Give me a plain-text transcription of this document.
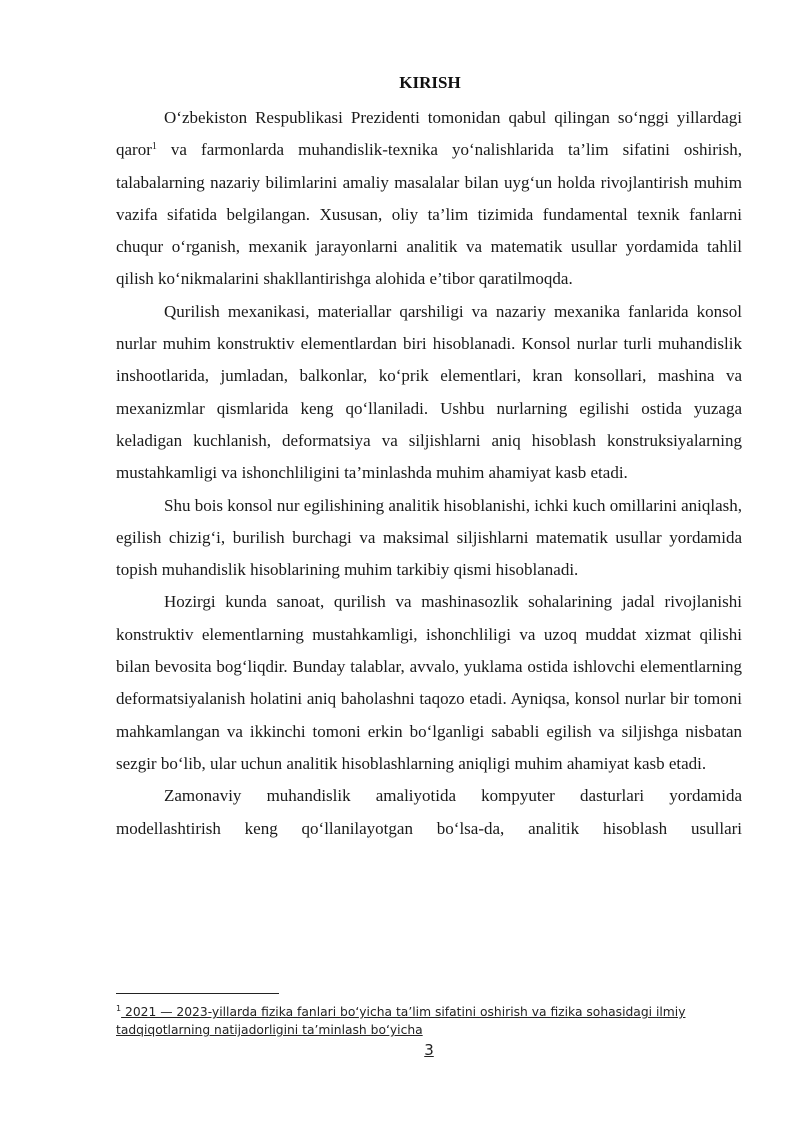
KIRISH

O‘zbekiston Respublikasi Prezidenti tomonidan qabul qilingan so‘nggi yillardagi qaror$^1$ va farmonlarda muhandislik-texnika yo‘nalishlarida ta’lim sifatini oshirish, talabalarning nazariy bilimlarini amaliy masalalar bilan uyg‘un holda rivojlantirish muhim vazifa sifatida belgilangan. Xususan, oliy ta’lim tizimida fundamental texnik fanlarni chuqur o‘rganish, mexanik jarayonlarni analitik va matematik usullar yordamida tahlil qilish ko‘nikmalarini shakllantirishga alohida e’tibor qaratilmoqda.

Qurilish mexanikasi, materiallar qarshiligi va nazariy mexanika fanlarida konsol nurlar muhim konstruktiv elementlardan biri hisoblanadi. Konsol nurlar turli muhandislik inshootlarida, jumladan, balkonlar, ko‘prik elementlari, kran konsollari, mashina va mexanizmlar qismlarida keng qo‘llaniladi. Ushbu nurlarning egilishi ostida yuzaga keladigan kuchlanish, deformatsiya va siljishlarni aniq hisoblash konstruksiyalarning mustahkamligi va ishonchliligini ta’minlashda muhim ahamiyat kasb etadi.

Shu bois konsol nur egilishining analitik hisoblanishi, ichki kuch omillarini aniqlash, egilish chizig‘i, burilish burchagi va maksimal siljishlarni matematik usullar yordamida topish muhandislik hisoblarining muhim tarkibiy qismi hisoblanadi.

Hozirgi kunda sanoat, qurilish va mashinasozlik sohalarining jadal rivojlanishi konstruktiv elementlarning mustahkamligi, ishonchliligi va uzoq muddat xizmat qilishi bilan bevosita bog‘liqdir. Bunday talablar, avvalo, yuklama ostida ishlovchi elementlarning deformatsiyalanish holatini aniq baholashni taqozo etadi. Ayniqsa, konsol nurlar bir tomoni mahkamlangan va ikkinchi tomoni erkin bo‘lganligi sababli egilish va siljishga nisbatan sezgir bo‘lib, ular uchun analitik hisoblashlarning aniqligi muhim ahamiyat kasb etadi.

Zamonaviy muhandislik amaliyotida kompyuter dasturlari yordamida modellashtirish keng qo‘llanilayotgan bo‘lsa-da, analitik hisoblash usullari

$^1$ 2021 — 2023-yillarda fizika fanlari bo‘yicha ta’lim sifatini oshirish va fizika sohasidagi ilmiy tadqiqotlarning natijadorligini ta’minlash bo‘yicha
3
